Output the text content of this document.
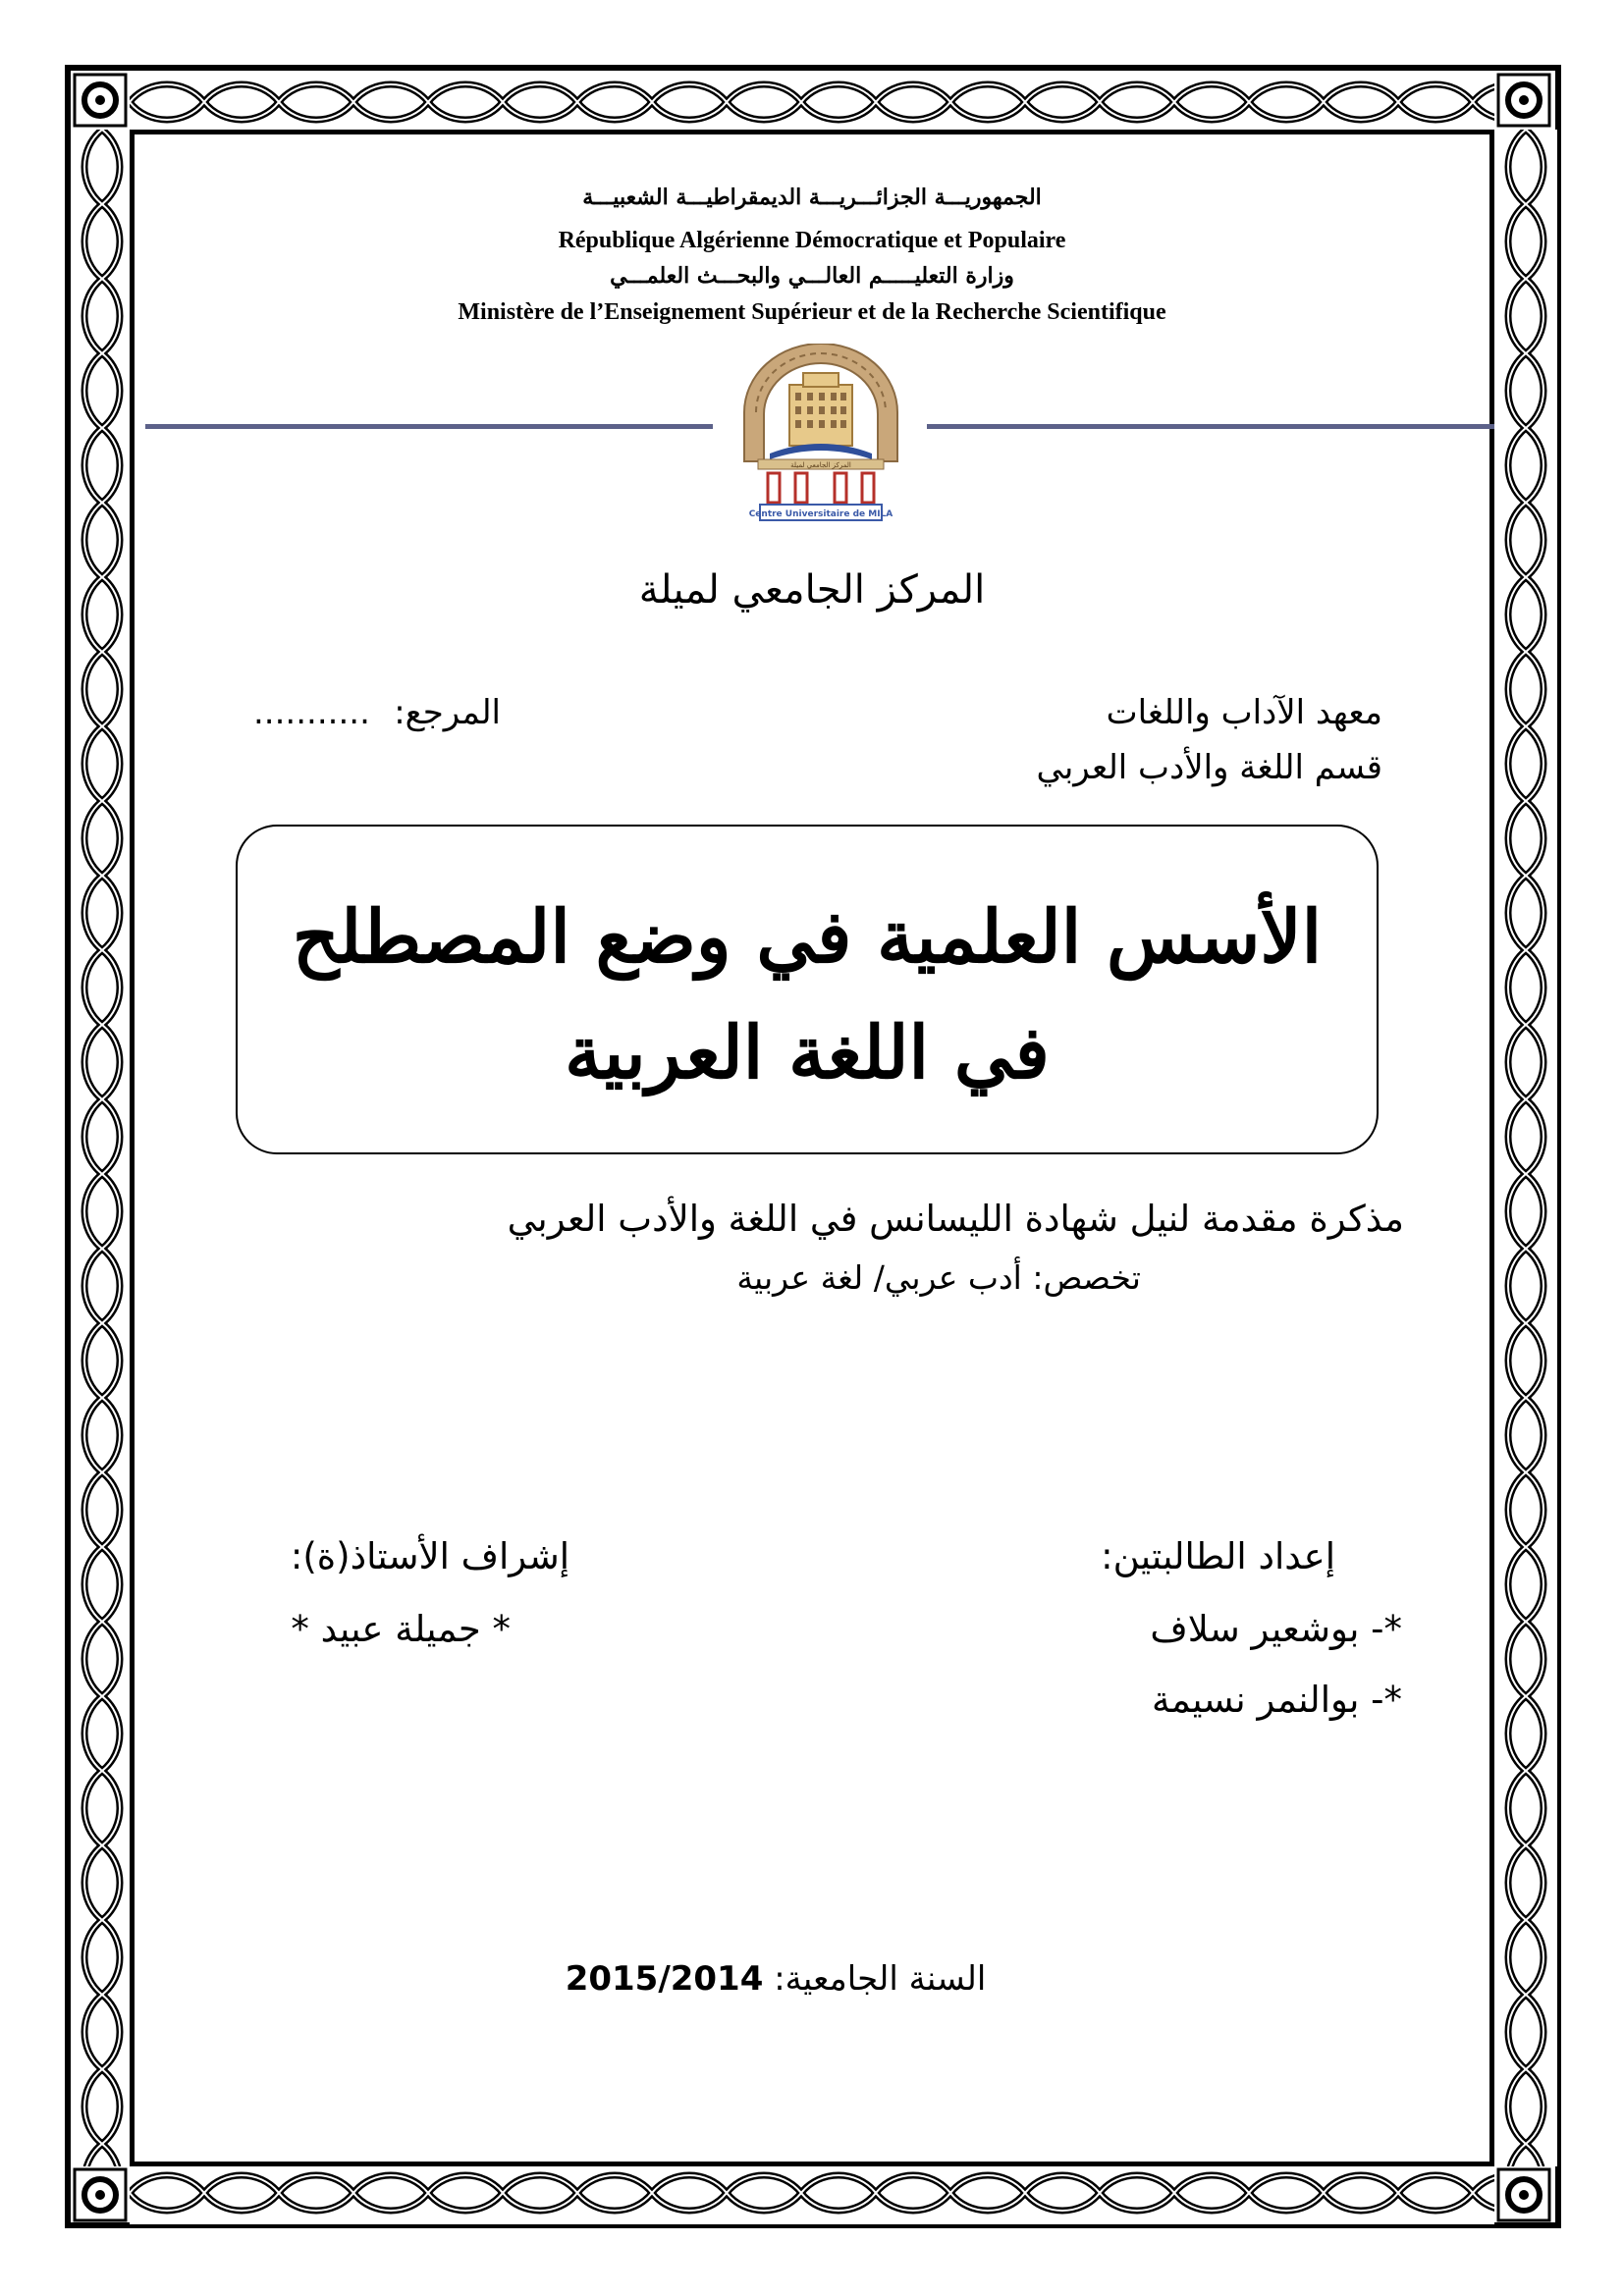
الجمهوريـــة الجزائـــريـــة الديمقراطيـــة الشعبيـــة
République Algérienne Démocratique et Populaire
وزارة التعليـــــم العالـــي والبحـــث العلمـــي
Ministère de l’Enseignement Supérieur et de la Recherche Scientifique
المركز الجامعي لميلة
Centre Universitaire de MILA
المركز الجامعي لميلة
معهد الآداب واللغات
قسم اللغة والأدب العربي
........... المرجع:
الأسس العلمية في وضع المصطلح
في اللغة العربية
مذكرة مقدمة لنيل شهادة الليسانس في اللغة والأدب العربي
تخصص: أدب عربي/ لغة عربية
إعداد الطالبتين:
*- بوشعير سلاف
*- بوالنمر نسيمة
إشراف الأستاذ(ة):
* جميلة عبيد *
السنة الجامعية: 2015/2014
